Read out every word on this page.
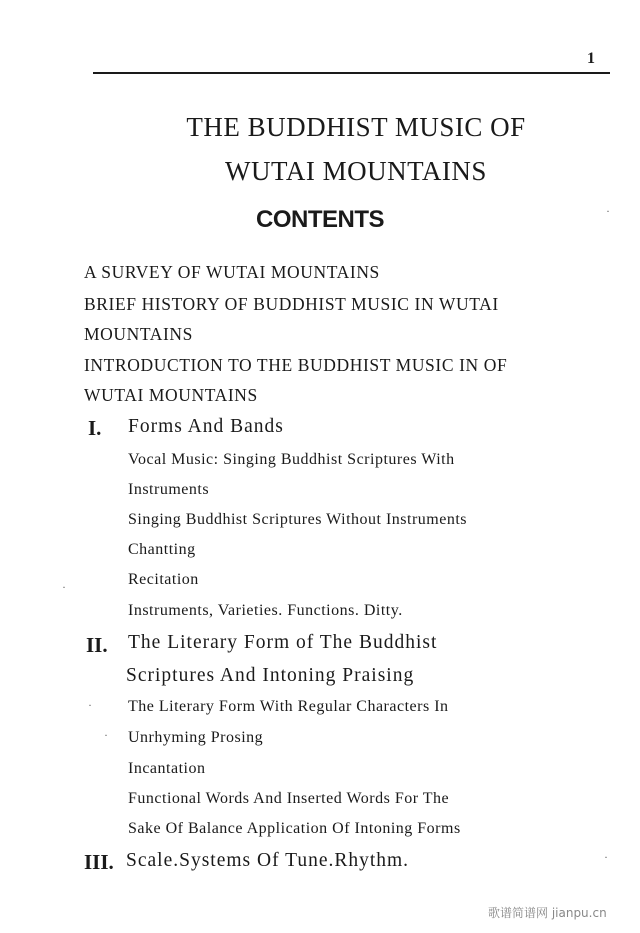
1
THE BUDDHIST MUSIC OF
WUTAI MOUNTAINS
CONTENTS
A SURVEY OF WUTAI MOUNTAINS
BRIEF HISTORY OF BUDDHIST MUSIC IN WUTAI
MOUNTAINS
INTRODUCTION TO THE BUDDHIST MUSIC IN OF
WUTAI MOUNTAINS
I. Forms And Bands
Vocal Music: Singing Buddhist Scriptures With
Instruments
Singing Buddhist Scriptures Without Instruments
Chantting
Recitation
Instruments, Varieties. Functions. Ditty.
II. The Literary Form of The Buddhist
Scriptures And Intoning Praising
The Literary Form With Regular Characters In
Unrhyming Prosing
Incantation
Functional Words And Inserted Words For The
Sake Of Balance Application Of Intoning Forms
III. Scale.Systems Of Tune.Rhythm.
·
·
·
·
·
歌谱简谱网 jianpu.cn
